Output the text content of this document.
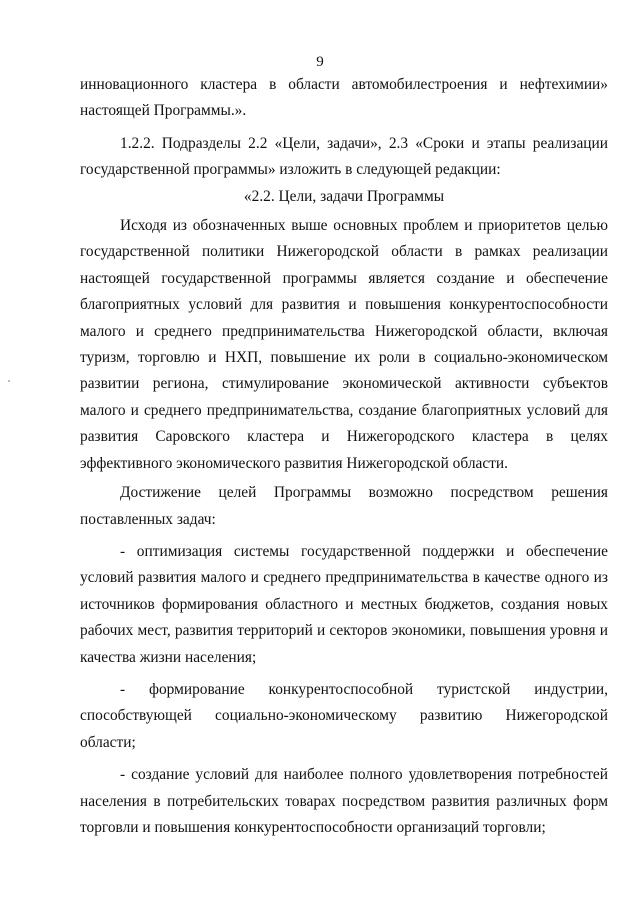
9

инновационного кластера в области автомобилестроения и нефтехимии» настоящей Программы.».

1.2.2. Подразделы 2.2 «Цели, задачи», 2.3 «Сроки и этапы реализации государственной программы» изложить в следующей редакции:

«2.2. Цели, задачи Программы

Исходя из обозначенных выше основных проблем и приоритетов целью государственной политики Нижегородской области в рамках реализации настоящей государственной программы является создание и обеспечение благоприятных условий для развития и повышения конкурентоспособности малого и среднего предпринимательства Нижегородской области, включая туризм, торговлю и НХП, повышение их роли в социально-экономическом развитии региона, стимулирование экономической активности субъектов малого и среднего предпринимательства, создание благоприятных условий для развития Саровского кластера и Нижегородского кластера в целях эффективного экономического развития Нижегородской области.

Достижение целей Программы возможно посредством решения поставленных задач:

- оптимизация системы государственной поддержки и обеспечение условий развития малого и среднего предпринимательства в качестве одного из источников формирования областного и местных бюджетов, создания новых рабочих мест, развития территорий и секторов экономики, повышения уровня и качества жизни населения;

- формирование конкурентоспособной туристской индустрии, способствующей социально-экономическому развитию Нижегородской области;

- создание условий для наиболее полного удовлетворения потребностей населения в потребительских товарах посредством развития различных форм торговли и повышения конкурентоспособности организаций торговли;
